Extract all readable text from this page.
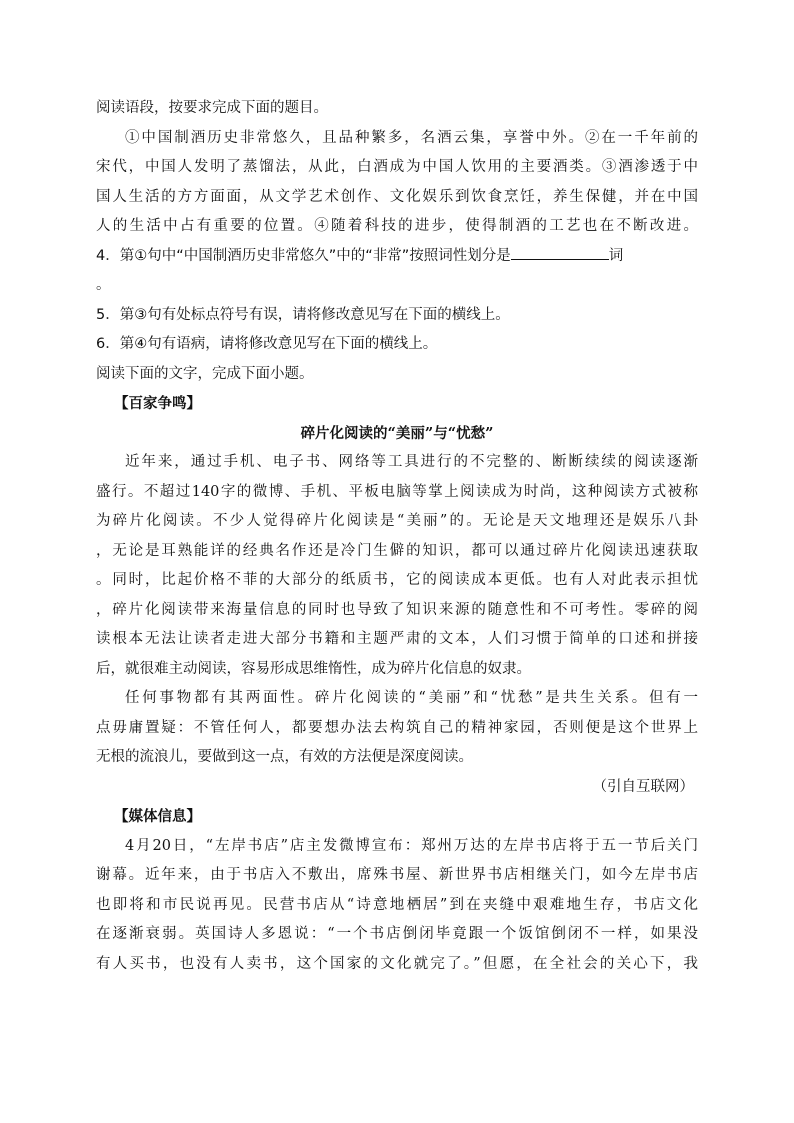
阅读语段，按要求完成下面的题目。

①中国制酒历史非常悠久，且品种繁多，名酒云集，享誉中外。②在一千年前的

宋代，中国人发明了蒸馏法，从此，白酒成为中国人饮用的主要酒类。③酒渗透于中

国人生活的方方面面，从文学艺术创作、文化娱乐到饮食烹饪，养生保健，并在中国

人的生活中占有重要的位置。④随着科技的进步，使得制酒的工艺也在不断改进。

4．第①句中“中国制酒历史非常悠久”中的“非常”按照词性划分是	词

。

5．第③句有处标点符号有误，请将修改意见写在下面的横线上。

6．第④句有语病，请将修改意见写在下面的横线上。

阅读下面的文字，完成下面小题。

【百家争鸣】

碎片化阅读的“美丽”与“忧愁”

近年来，通过手机、电子书、网络等工具进行的不完整的、断断续续的阅读逐渐

盛行。不超过140字的微博、手机、平板电脑等掌上阅读成为时尚，这种阅读方式被称

为碎片化阅读。不少人觉得碎片化阅读是“美丽”的。无论是天文地理还是娱乐八卦

，无论是耳熟能详的经典名作还是冷门生僻的知识，都可以通过碎片化阅读迅速获取

。同时，比起价格不菲的大部分的纸质书，它的阅读成本更低。也有人对此表示担忧

，碎片化阅读带来海量信息的同时也导致了知识来源的随意性和不可考性。零碎的阅

读根本无法让读者走进大部分书籍和主题严肃的文本，人们习惯于简单的口述和拼接

后，就很难主动阅读，容易形成思维惰性，成为碎片化信息的奴隶。

任何事物都有其两面性。碎片化阅读的“美丽”和“忧愁”是共生关系。但有一

点毋庸置疑：不管任何人，都要想办法去构筑自己的精神家园，否则便是这个世界上

无根的流浪儿，要做到这一点，有效的方法便是深度阅读。

（引自互联网）

【媒体信息】

4月20日，“左岸书店”店主发微博宣布：郑州万达的左岸书店将于五一节后关门

谢幕。近年来，由于书店入不敷出，席殊书屋、新世界书店相继关门，如今左岸书店

也即将和市民说再见。民营书店从“诗意地栖居”到在夹缝中艰难地生存，书店文化

在逐渐衰弱。英国诗人多恩说：“一个书店倒闭毕竟跟一个饭馆倒闭不一样，如果没

有人买书，也没有人卖书，这个国家的文化就完了。”但愿，在全社会的关心下，我
